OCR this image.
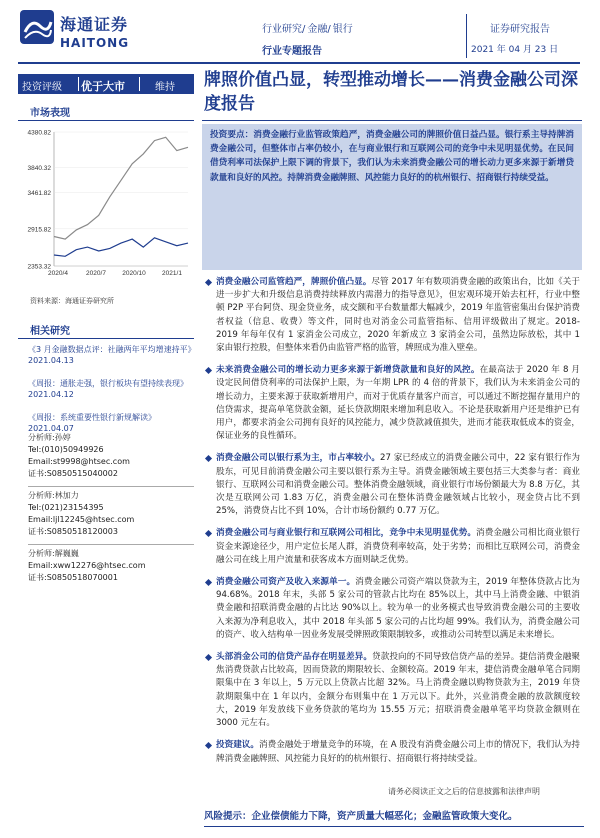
海通证券
HAITONG
行业研究/ 金融/ 银行
行业专题报告
证券研究报告
2021 年 04 月 23 日
投资评级 优于大市	维持
市场表现
2353.32
2915.82
3461.82
3840.32
4380.82
2020/4	2020/7	2020/10	2021/1
资料来源：海通证券研究所
相关研究
《3 月金融数据点评：社融两年平均增速持平》
2021.04.13
《周报：通胀走强，银行板块有望持续表现》
2021.04.12
《周报：系统重要性银行新规解读》
2021.04.07
分析师:孙婷
Tel:(010)50949926
Email:st9998@htsec.com
证书:S0850515040002
分析师:林加力
Tel:(021)23154395
Email:ljl12245@htsec.com
证书:S0850518120003
分析师:解巍巍
Email:xww12276@htsec.com
证书:S0850518070001
牌照价值凸显，转型推动增长——消费金融公司深度报告
投资要点：消费金融行业监管政策趋严，消费金融公司的牌照价值日益凸显。银行系主导持牌消费金融公司，但整体市占率仍较小，在与商业银行和互联网公司的竞争中未见明显优势。在民间借贷利率司法保护上限下调的背景下，我们认为未来消费金融公司的增长动力更多来源于新增贷款量和良好的风控。持牌消费金融牌照、风控能力良好的的杭州银行、招商银行持续受益。
消费金融公司监管趋严，牌照价值凸显。尽管 2017 年有数项消费金融的政策出台，比如《关于进一步扩大和升级信息消费持续释放内需潜力的指导意见》，但宏观环境开始去杠杆，行业中整顿 P2P 平台阿贷、现金贷业务，成交额和平台数量都大幅减少，2019 年监管密集出台保护消费者权益（信息、收费）等文件，同时也对消金公司监管指标、信用评级做出了规定。2018-2019 年每年仅有 1 家消金公司成立，2020 年新成立 3 家消金公司，虽然边际放松，其中 1 家由银行控股，但整体来看仍由监管严格的监管，牌照成为准入壁垒。
未来消费金融公司的增长动力更多来源于新增贷款量和良好的风控。在最高法于 2020 年 8 月设定民间借贷利率的司法保护上限，为一年期 LPR 的 4 倍的背景下，我们认为未来消金公司的增长动力，主要来源于获取新增用户，而对于优质存量客户而言，可以通过不断挖掘存量用户的信贷需求，提高单笔贷款金额，延长贷款期限来增加利息收入。不论是获取新用户还是维护已有用户，都要求消金公司拥有良好的风控能力，减少贷款减值损失，进而才能获取低成本的资金，保证业务的良性循环。
消费金融公司以银行系为主，市占率较小。27 家已经成立的消费金融公司中，22 家有银行作为股东，可见目前消费金融公司主要以银行系为主导。消费金融领域主要包括三大类参与者：商业银行、互联网公司和消费金融公司。整体消费金融领域，商业银行市场份额最大为 8.8 万亿，其次是互联网公司 1.83 万亿，消费金融公司在整体消费金融领域占比较小，现金贷占比不到 25%，消费贷占比不到 10%，合计市场份额约 0.77 万亿。
消费金融公司与商业银行和互联网公司相比，竞争中未见明显优势。消费金融公司相比商业银行资金来源途径少，用户定位长尾人群，消费贷利率较高，处于劣势；而相比互联网公司，消费金融公司在线上用户流量和获客成本方面则缺乏优势。
消费金融公司资产及收入来源单一。消费金融公司资产端以贷款为主，2019 年整体贷款占比为 94.68%。2018 年末，头部 5 家公司的管款占比均在 85%以上，其中马上消费金融、中银消费金融和招联消费金融的占比达 90%以上。较为单一的业务模式也导致消费金融公司的主要收入来源为净利息收入，其中 2018 年头部 5 家公司的占比均超 99%。我们认为，消费金融公司的资产、收入结构单一因业务发展受牌照政策限制较多，或推动公司转型以满足未来增长。
头部消金公司的信贷产品存在明显差异。贷款投向的不同导致信贷产品的差异。捷信消费金融聚焦消费贷款占比较高，因而贷款的期限较长、金额较高。2019 年末，捷信消费金融单笔合同期限集中在 3 年以上，5 万元以上贷款占比超 32%。马上消费金融以购物贷款为主，2019 年贷款期限集中在 1 年以内，金额分布则集中在 1 万元以下。此外，兴业消费金融的放款额度较大，2019 年发放线下业务贷款的笔均为 15.55 万元；招联消费金融单笔平均贷款金额则在 3000 元左右。
投资建议。消费金融处于增量竞争的环境，在 A 股没有消费金融公司上市的情况下，我们认为持牌消费金融牌照、风控能力良好的的杭州银行、招商银行将持续受益。
风险提示：企业偿债能力下降，资产质量大幅恶化；金融监管政策大变化。
请务必阅读正文之后的信息披露和法律声明
